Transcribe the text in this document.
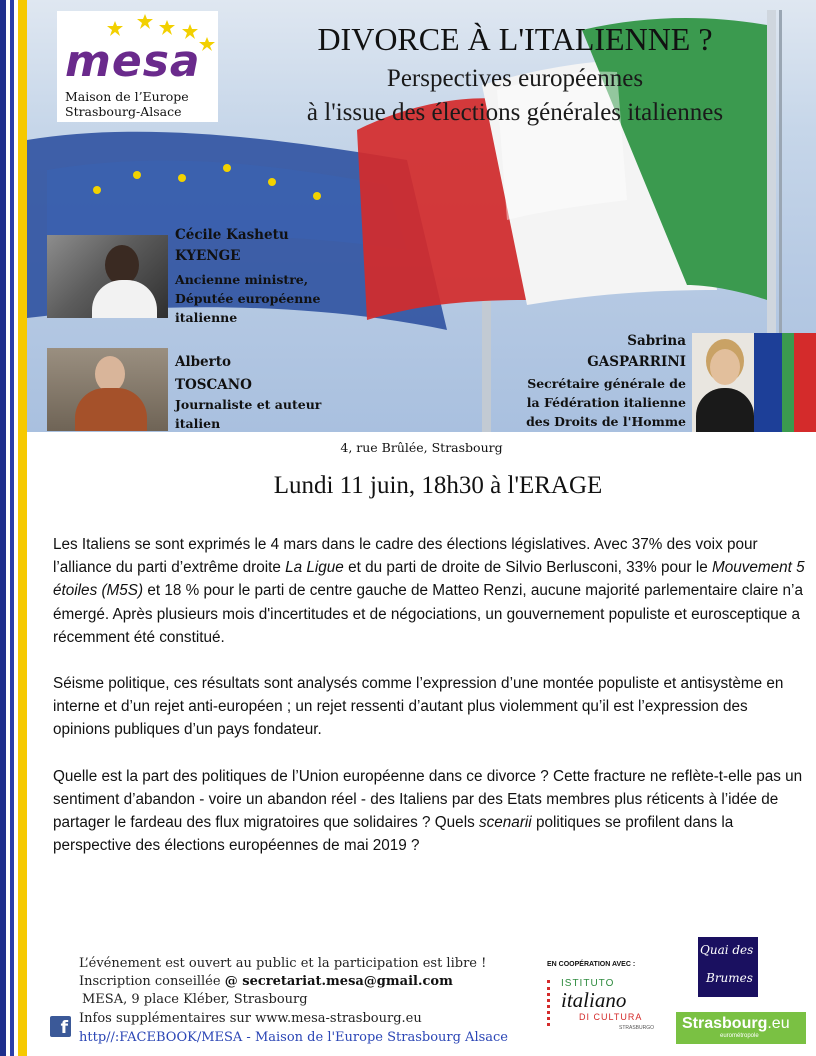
mesa
Maison de l’Europe
Strasbourg-Alsace
DIVORCE À L'ITALIENNE ?
Perspectives européennes
à l'issue des élections générales italiennes
Cécile Kashetu
KYENGE
Ancienne ministre,
Députée européenne
italienne
Alberto
TOSCANO
Journaliste et auteur
italien
Sabrina
GASPARRINI
Secrétaire générale de
la Fédération italienne
des Droits de l'Homme
4, rue Brûlée, Strasbourg
Lundi 11 juin, 18h30 à l'ERAGE

Les Italiens se sont exprimés le 4 mars dans le cadre des élections législatives. Avec 37% des voix pour l’alliance du parti d’extrême droite La Ligue et du parti de droite de Silvio Berlusconi, 33% pour le Mouvement 5 étoiles (M5S) et 18 % pour le parti de centre gauche de Matteo Renzi, aucune majorité parlementaire claire n’a émergé. Après plusieurs mois d'incertitudes et de négociations, un gouvernement populiste et eurosceptique a récemment été constitué.

Séisme politique, ces résultats sont analysés comme l’expression d’une montée populiste et antisystème en interne et d’un rejet anti-européen ; un rejet ressenti d’autant plus violemment qu’il est l’expression des opinions publiques d’un pays fondateur.

Quelle est la part des politiques de l’Union européenne dans ce divorce ? Cette fracture ne reflète-t-elle pas un sentiment d’abandon - voire un abandon réel - des Italiens par des Etats membres plus réticents à l’idée de partager le fardeau des flux migratoires que solidaires ? Quels scenarii politiques se profilent dans la perspective des élections européennes de mai 2019 ?

L’événement est ouvert au public et la participation est libre !
Inscription conseillée @ secretariat.mesa@gmail.com
MESA, 9 place Kléber, Strasbourg
Infos supplémentaires sur www.mesa-strasbourg.eu
f http//:FACEBOOK/MESA - Maison de l'Europe Strasbourg Alsace
EN COOPÉRATION AVEC :
ISTITUTO
italiano
DI CULTURA
STRASBURGO
Quai des
Brumes
Strasbourg.eu
eurométropole
